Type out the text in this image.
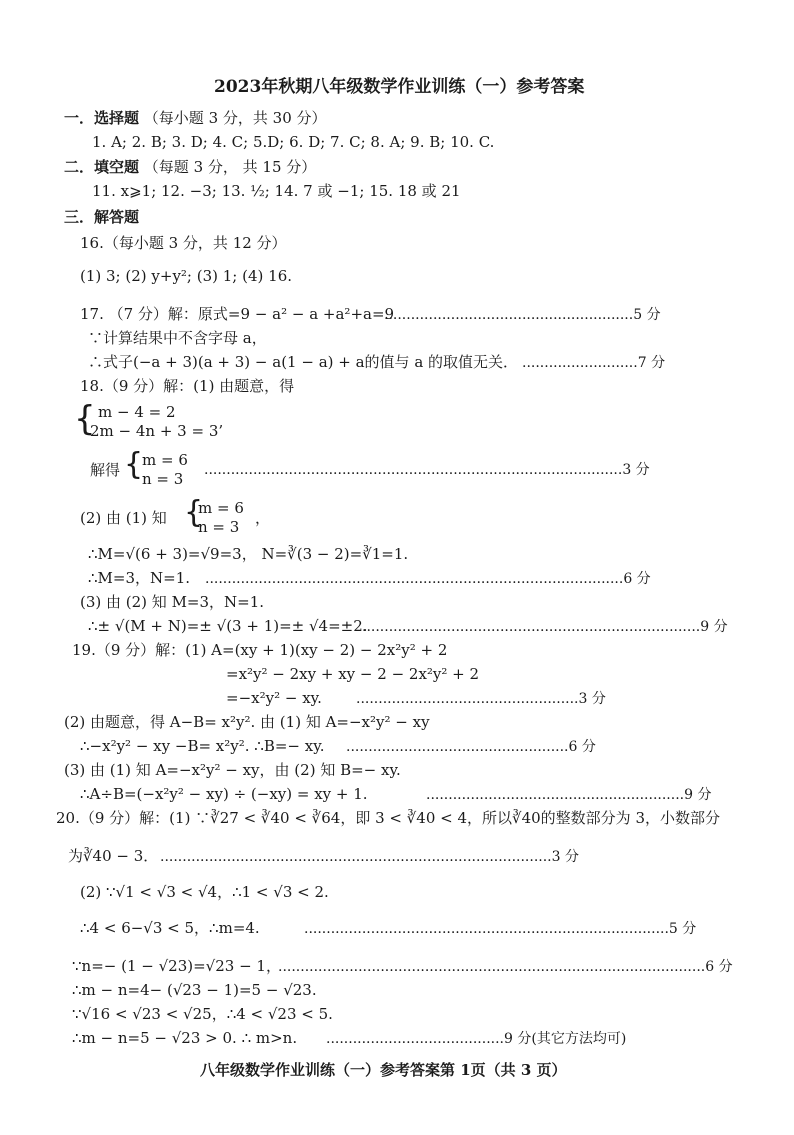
2023年秋期八年级数学作业训练（一）参考答案
一．选择题 （每小题 3 分，共 30 分）
1. A; 2. B; 3. D; 4. C; 5.D; 6. D; 7. C; 8. A; 9. B; 10. C.
二．填空题 （每题 3 分， 共 15 分）
11. x⩾1; 12. −3; 13. ½; 14. 7 或 −1; 15. 18 或 21
三．解答题
16.（每小题 3 分，共 12 分）
(1) 3; (2) y+y²; (3) 1; (4) 16.
17. （7 分）解：原式=9 − a² − a +a²+a=9
........................................................5 分
∵计算结果中不含字母 a，
∴式子(−a + 3)(a + 3) − a(1 − a) + a的值与 a 的取值无关． ..........................7 分
18.（9 分）解：(1) 由题意，得
{ m − 4 = 2
2m − 4n + 3 = 3’
解得 {
m = 6
n = 3 ..............................................................................................3 分
(2) 由 (1) 知 {
m = 6
n = 3 ，
∴M=√(6 + 3)=√9=3， N=∛(3 − 2)=∛1=1.
∴M=3，N=1. ..............................................................................................6 分
(3) 由 (2) 知 M=3，N=1.
∴± √(M + N)=± √(3 + 1)=± √4=±2.
............................................................................9 分
19.（9 分）解：(1) A=(xy + 1)(xy − 2) − 2x²y² + 2
=x²y² − 2xy + xy − 2 − 2x²y² + 2
=−x²y² − xy. ..................................................3 分
(2) 由题意，得 A−B= x²y². 由 (1) 知 A=−x²y² − xy
∴−x²y² − xy −B= x²y². ∴B=− xy. ..................................................6 分
(3) 由 (1) 知 A=−x²y² − xy，由 (2) 知 B=− xy.
∴A÷B=(−x²y² − xy) ÷ (−xy) = xy + 1.	..........................................................9 分
20.（9 分）解：(1) ∵∛27 < ∛40 < ∛64，即 3 < ∛40 < 4，所以∛40的整数部分为 3，小数部分
为∛40 − 3． ........................................................................................3 分
(2) ∵√1 < √3 < √4，∴1 < √3 < 2.
∴4 < 6−√3 < 5，∴m=4.	..................................................................................5 分
∵n=− (1 − √23)=√23 − 1，
................................................................................................6 分
∴m − n=4− (√23 − 1)=5 − √23.
∵√16 < √23 < √25，∴4 < √23 < 5.
∴m − n=5 − √23 > 0. ∴ m>n. ........................................9 分(其它方法均可)
八年级数学作业训练（一）参考答案第 1页（共 3 页）
